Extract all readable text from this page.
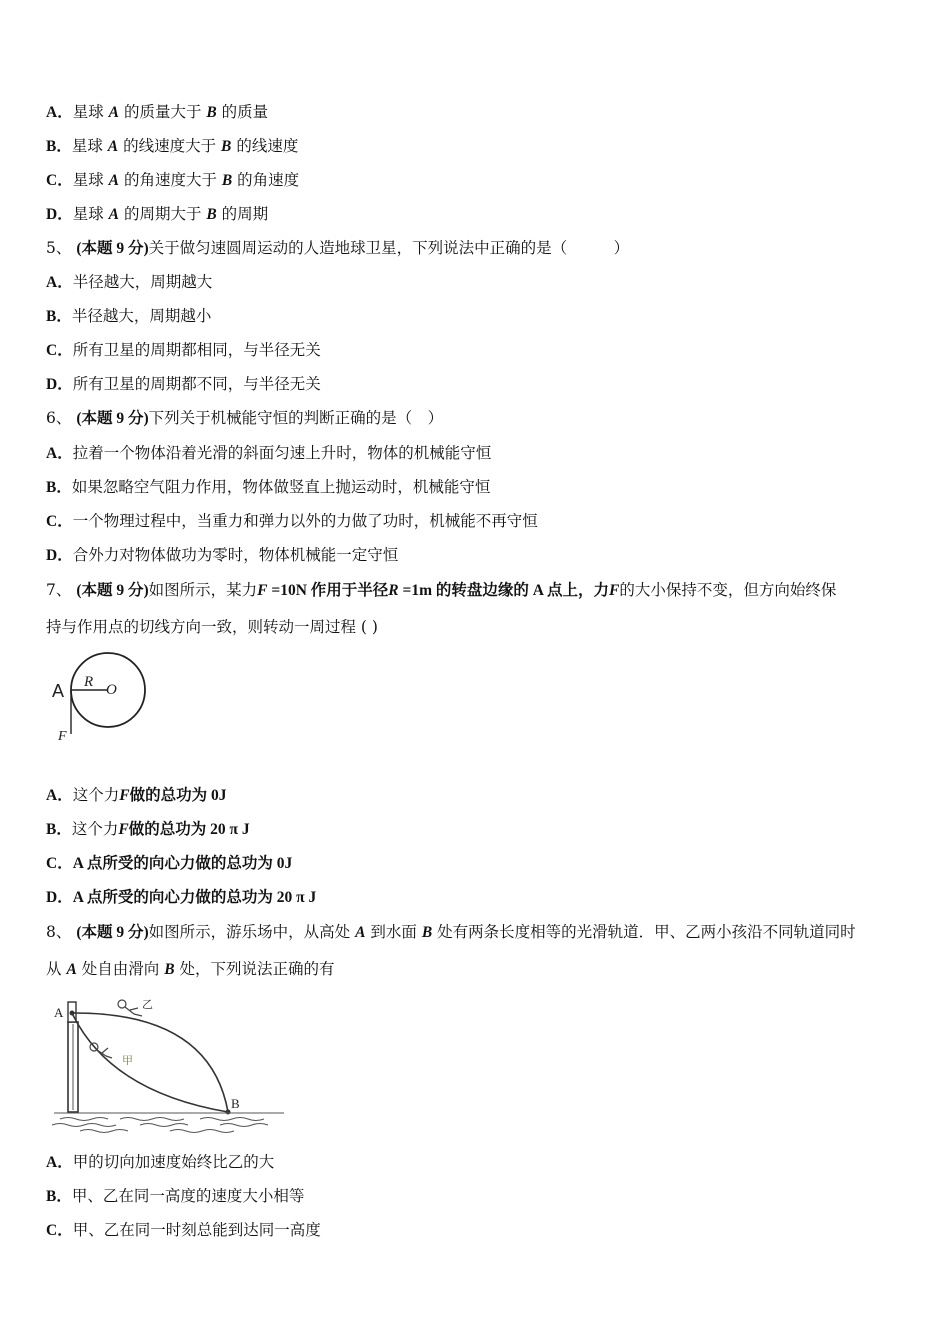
A．星球 A 的质量大于 B 的质量
B．星球 A 的线速度大于 B 的线速度
C．星球 A 的角速度大于 B 的角速度
D．星球 A 的周期大于 B 的周期
5、 (本题 9 分)关于做匀速圆周运动的人造地球卫星，下列说法中正确的是（　　　）
A．半径越大，周期越大
B．半径越大，周期越小
C．所有卫星的周期都相同，与半径无关
D．所有卫星的周期都不同，与半径无关
6、 (本题 9 分)下列关于机械能守恒的判断正确的是（　）
A．拉着一个物体沿着光滑的斜面匀速上升时，物体的机械能守恒
B．如果忽略空气阻力作用，物体做竖直上抛运动时，机械能守恒
C．一个物理过程中，当重力和弹力以外的力做了功时，机械能不再守恒
D．合外力对物体做功为零时，物体机械能一定守恒
7、 (本题 9 分)如图所示，某力F =10N 作用于半径R =1m 的转盘边缘的 A 点上，力F的大小保持不变，但方向始终保
持与作用点的切线方向一致，则转动一周过程 ( )
A R O
F
A．这个力F做的总功为 0J
B．这个力F做的总功为 20 π J
C．A 点所受的向心力做的总功为 0J
D．A 点所受的向心力做的总功为 20 π J
8、 (本题 9 分)如图所示，游乐场中，从高处 A 到水面 B 处有两条长度相等的光滑轨道．甲、乙两小孩沿不同轨道同时
从 A 处自由滑向 B 处，下列说法正确的有
乙
甲
A
B
A．甲的切向加速度始终比乙的大
B．甲、乙在同一高度的速度大小相等
C．甲、乙在同一时刻总能到达同一高度
